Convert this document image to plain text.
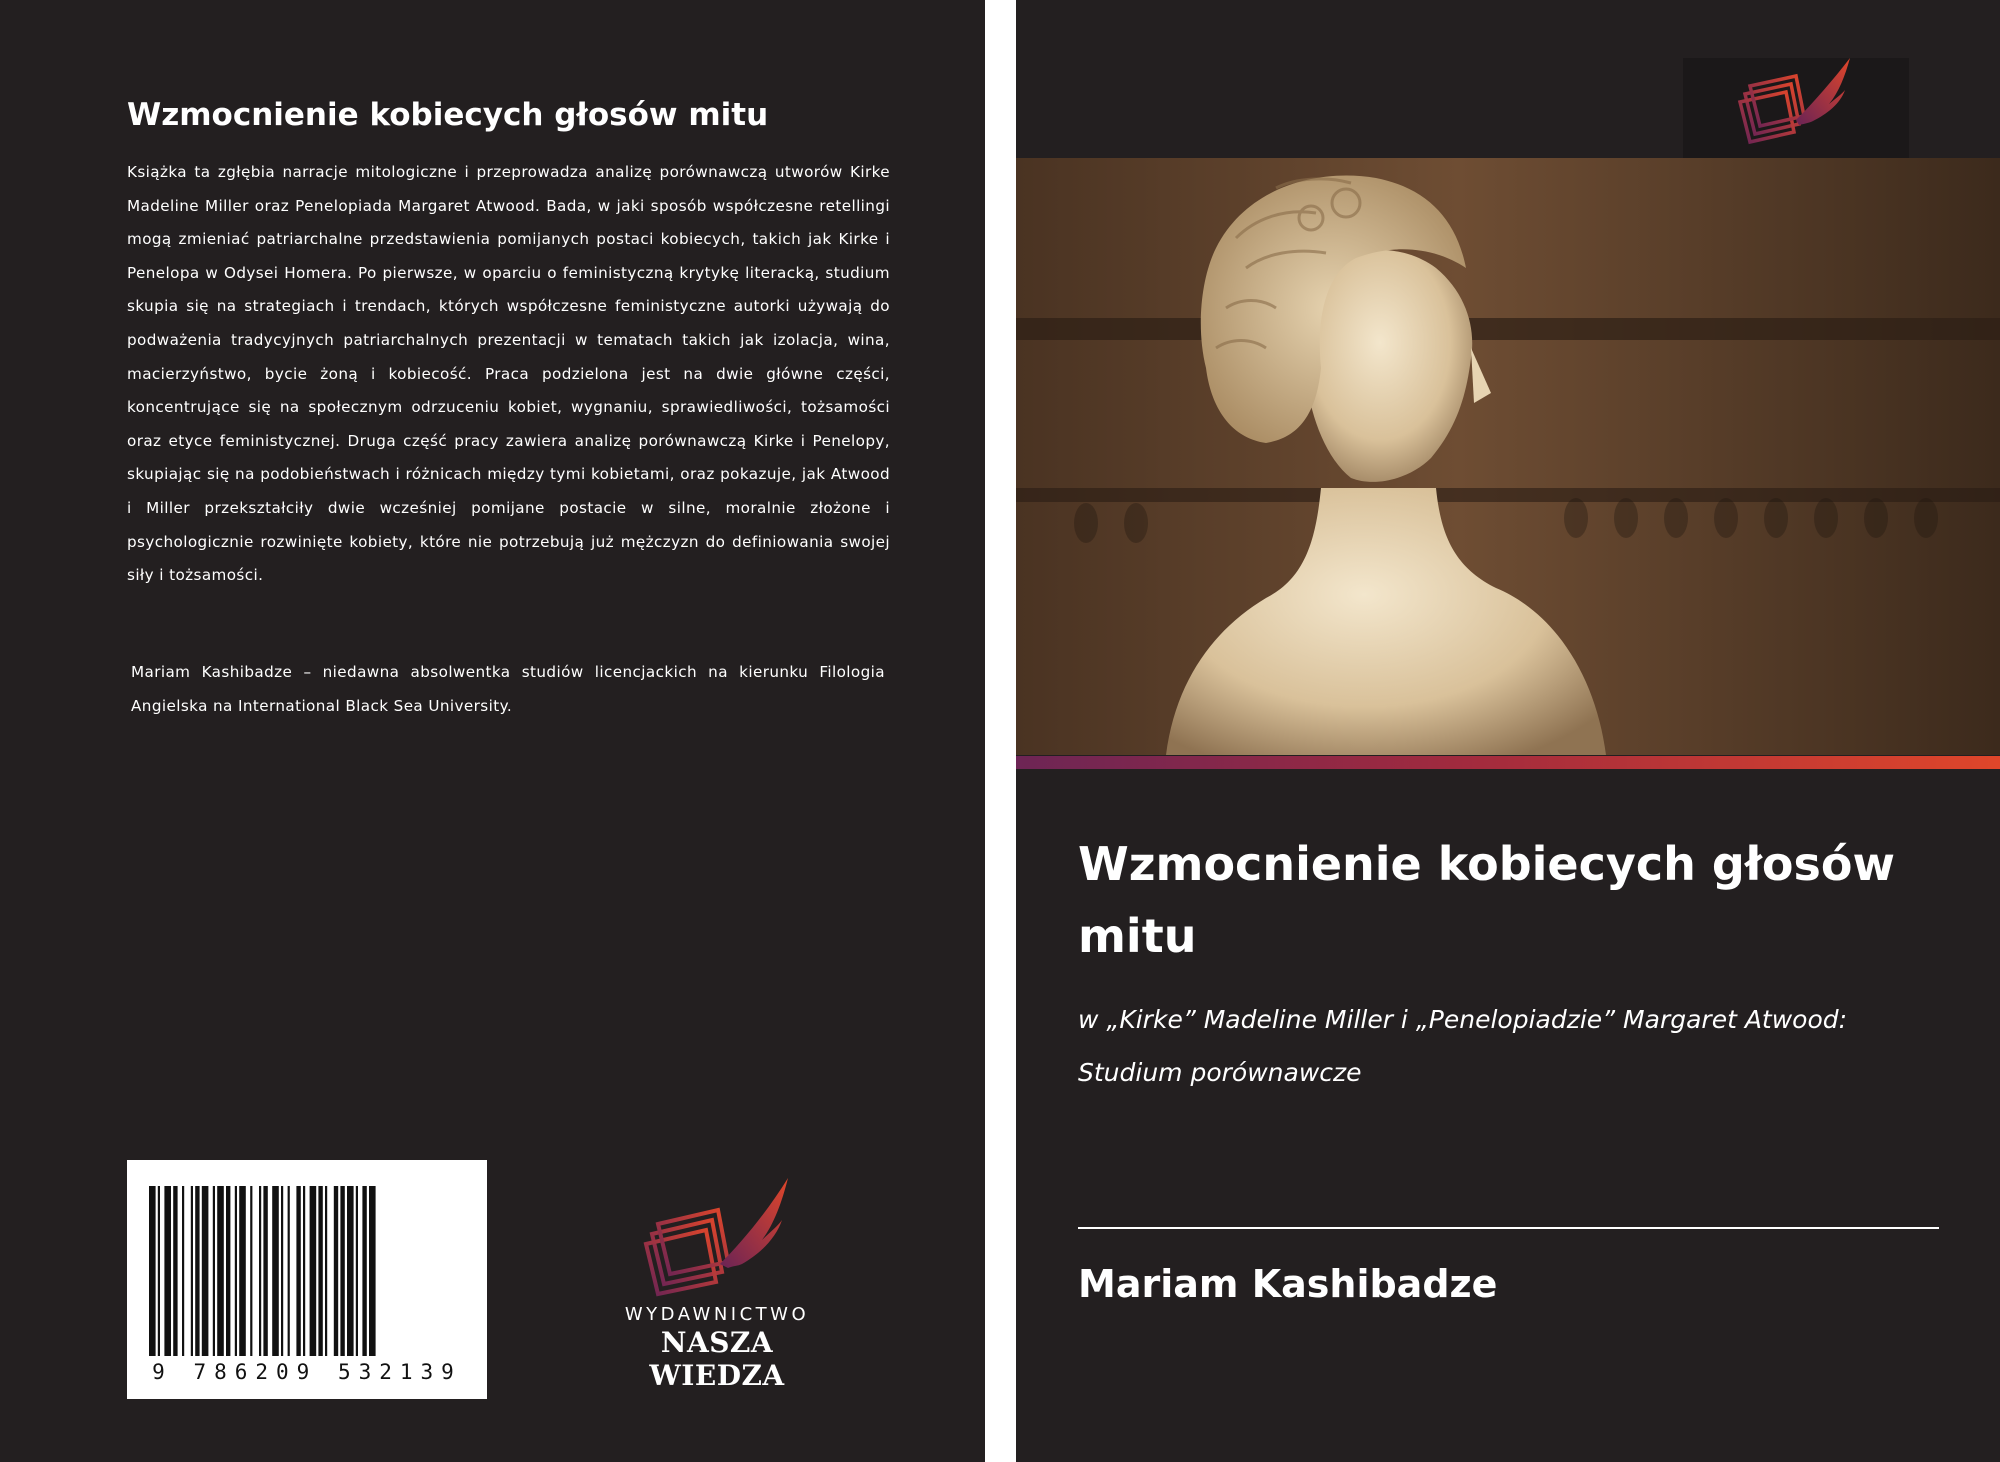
Wzmocnienie kobiecych głosów mitu
Książka ta zgłębia narracje mitologiczne i przeprowadza analizę porównawczą utworów Kirke Madeline Miller oraz Penelopiada Margaret Atwood. Bada, w jaki sposób współczesne retellingi mogą zmieniać patriarchalne przedstawienia pomijanych postaci kobiecych, takich jak Kirke i Penelopa w Odysei Homera. Po pierwsze, w oparciu o feministyczną krytykę literacką, studium skupia się na strategiach i trendach, których współczesne feministyczne autorki używają do podważenia tradycyjnych patriarchalnych prezentacji w tematach takich jak izolacja, wina, macierzyństwo, bycie żoną i kobiecość. Praca podzielona jest na dwie główne części, koncentrujące się na społecznym odrzuceniu kobiet, wygnaniu, sprawiedliwości, tożsamości oraz etyce feministycznej. Druga część pracy zawiera analizę porównawczą Kirke i Penelopy, skupiając się na podobieństwach i różnicach między tymi kobietami, oraz pokazuje, jak Atwood i Miller przekształciły dwie wcześniej pomijane postacie w silne, moralnie złożone i psychologicznie rozwinięte kobiety, które nie potrzebują już mężczyzn do definiowania swojej siły i tożsamości.
Mariam Kashibadze – niedawna absolwentka studiów licencjackich na kierunku Filologia Angielska na International Black Sea University.
9 786209 532139
WYDAWNICTWO
NASZA WIEDZA
Wzmocnienie kobiecych głosów mitu
w „Kirke” Madeline Miller i „Penelopiadzie” Margaret Atwood: Studium porównawcze
Mariam Kashibadze
